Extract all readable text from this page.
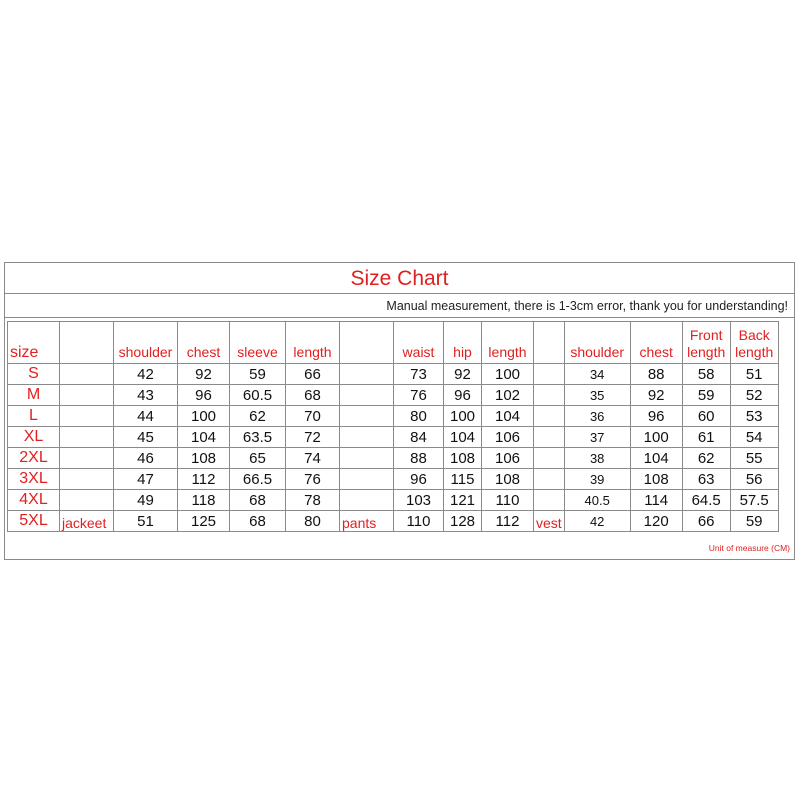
Size Chart
Manual measurement, there is 1-3cm error, thank you for understanding!
size		shoulder	chest	sleeve	length		waist	hip	length		shoulder	chest	Front length	Back length
S		42	92	59	66		73	92	100		34	88	58	51
M		43	96	60.5	68		76	96	102		35	92	59	52
L		44	100	62	70		80	100	104		36	96	60	53
XL		45	104	63.5	72		84	104	106		37	100	61	54
2XL		46	108	65	74		88	108	106		38	104	62	55
3XL		47	112	66.5	76		96	115	108		39	108	63	56
4XL		49	118	68	78		103	121	110		40.5	114	64.5	57.5
5XL	jackeet	51	125	68	80	pants	110	128	112	vest	42	120	66	59
Unit of measure (CM)
